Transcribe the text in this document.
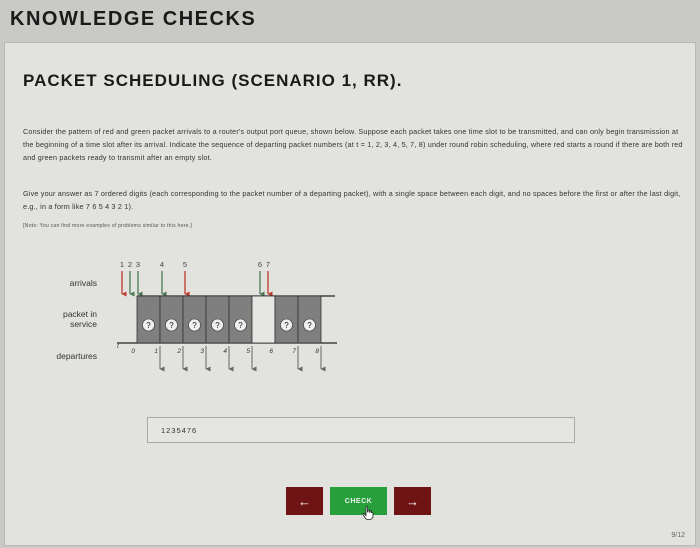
KNOWLEDGE CHECKS
PACKET SCHEDULING (SCENARIO 1, RR).
Consider the pattern of red and green packet arrivals to a router's output port queue, shown below. Suppose each packet takes one time slot to be transmitted, and can only begin transmission at the beginning of a time slot after its arrival. Indicate the sequence of departing packet numbers (at t = 1, 2, 3, 4, 5, 7, 8) under round robin scheduling, where red starts a round if there are both red and green packets ready to transmit after an empty slot.
Give your answer as 7 ordered digits (each corresponding to the packet number of a departing packet), with a single space between each digit, and no spaces before the first or after the last digit, e.g., in a form like 7 6 5 4 3 2 1).
[Note: You can find more examples of problems similar to this here.]
arrivals
packet in
service
departures
1 2 3	4	5	6 7
t
? ? ? ? ?	? ?
0	1	2	3	4	5	6	7	8
1235476
←	CHECK	→
9/12
